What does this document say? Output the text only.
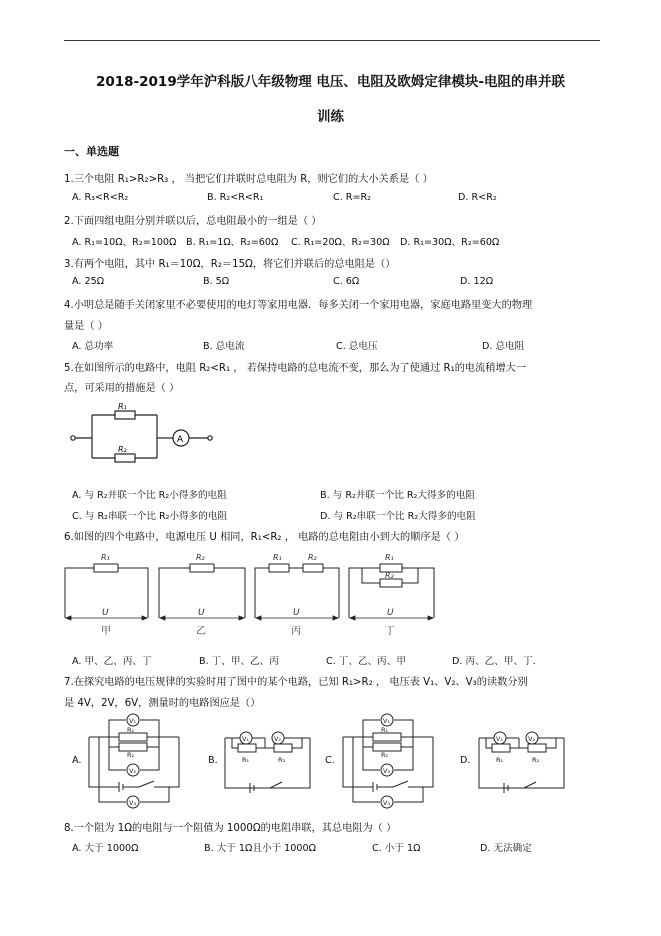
2018-2019学年沪科版八年级物理 电压、电阻及欧姆定律模块-电阻的串并联
训练
一、单选题
1.三个电阻 R₁>R₂>R₃ ， 当把它们并联时总电阻为 R，则它们的大小关系是（ ）
A. R₃<R<R₂	B. R₂<R<R₁	C. R=R₂	D. R<R₂
2.下面四组电阻分别并联以后，总电阻最小的一组是（ ）
A. R₁=10Ω、R₂=100Ω B. R₁=1Ω、R₂=60Ω C. R₁=20Ω、R₂=30Ω D. R₁=30Ω、R₂=60Ω
3.有两个电阻，其中 R₁＝10Ω，R₂＝15Ω，将它们并联后的总电阻是（）
A. 25Ω	B. 5Ω	C. 6Ω	D. 12Ω
4.小明总是随手关闭家里不必要使用的电灯等家用电器．每多关闭一个家用电器，家庭电路里变大的物理
量是（ ）
A. 总功率	B. 总电流	C. 总电压	D. 总电阻
5.在如图所示的电路中，电阻 R₂<R₁ ， 若保持电路的总电流不变，那么为了使通过 R₁的电流稍增大一
点，可采用的措施是（ ）
R₁
R₂
A
A. 与 R₂并联一个比 R₂小得多的电阻	B. 与 R₂并联一个比 R₂大得多的电阻
C. 与 R₂串联一个比 R₂小得多的电阻	D. 与 R₂串联一个比 R₂大得多的电阻
6.如图的四个电路中，电源电压 U 相同，R₁<R₂ ， 电路的总电阻由小到大的顺序是（ ）
R₁	R₂	R₁	R₂	R₁
R₂
U	U	U	U
甲	乙	丙	丁
A. 甲、乙、丙、丁	B. 丁、甲、乙、丙	C. 丁、乙、丙、甲	D. 丙、乙、甲、丁.
7.在探究电路的电压规律的实验时用了图中的某个电路，已知 R₁>R₂ ， 电压表 V₁、V₂、V₃的读数分别
是 4V，2V，6V，测量时的电路图应是（）
A.	B.	C.	D.
V₁
V₂
V₃
R₁
R₂
V₁	V₂
R₁	R₂
V₁
V₂
V₃
R₁
R₂
V₁	V₂
R₁	R₂
8.一个阻为 1Ω的电阻与一个阻值为 1000Ω的电阻串联，其总电阻为（ ）
A. 大于 1000Ω	B. 大于 1Ω且小于 1000Ω	C. 小于 1Ω	D. 无法确定
